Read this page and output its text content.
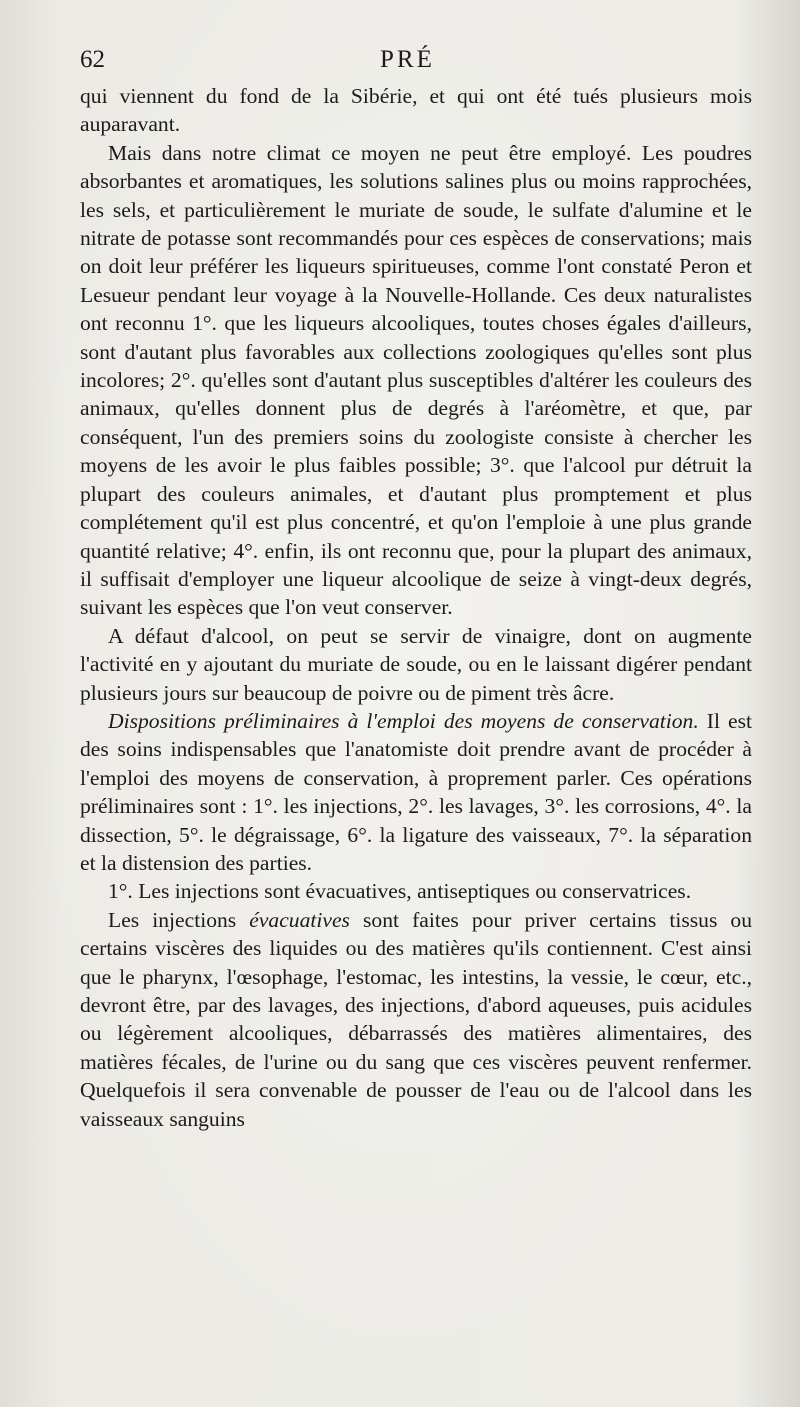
62	PRÉ

qui viennent du fond de la Sibérie, et qui ont été tués plusieurs mois auparavant.

Mais dans notre climat ce moyen ne peut être employé. Les poudres absorbantes et aromatiques, les solutions salines plus ou moins rapprochées, les sels, et particulièrement le muriate de soude, le sulfate d'alumine et le nitrate de potasse sont recommandés pour ces espèces de conservations; mais on doit leur préférer les liqueurs spiritueuses, comme l'ont constaté Peron et Lesueur pendant leur voyage à la Nouvelle-Hollande. Ces deux naturalistes ont reconnu 1°. que les liqueurs alcooliques, toutes choses égales d'ailleurs, sont d'autant plus favorables aux collections zoologiques qu'elles sont plus incolores; 2°. qu'elles sont d'autant plus susceptibles d'altérer les couleurs des animaux, qu'elles donnent plus de degrés à l'aréomètre, et que, par conséquent, l'un des premiers soins du zoologiste consiste à chercher les moyens de les avoir le plus faibles possible; 3°. que l'alcool pur détruit la plupart des couleurs animales, et d'autant plus promptement et plus complétement qu'il est plus concentré, et qu'on l'emploie à une plus grande quantité relative; 4°. enfin, ils ont reconnu que, pour la plupart des animaux, il suffisait d'employer une liqueur alcoolique de seize à vingt-deux degrés, suivant les espèces que l'on veut conserver.

A défaut d'alcool, on peut se servir de vinaigre, dont on augmente l'activité en y ajoutant du muriate de soude, ou en le laissant digérer pendant plusieurs jours sur beaucoup de poivre ou de piment très âcre.

Dispositions préliminaires à l'emploi des moyens de conservation. Il est des soins indispensables que l'anatomiste doit prendre avant de procéder à l'emploi des moyens de conservation, à proprement parler. Ces opérations préliminaires sont : 1°. les injections, 2°. les lavages, 3°. les corrosions, 4°. la dissection, 5°. le dégraissage, 6°. la ligature des vaisseaux, 7°. la séparation et la distension des parties.

1°. Les injections sont évacuatives, antiseptiques ou conservatrices.

Les injections évacuatives sont faites pour priver certains tissus ou certains viscères des liquides ou des matières qu'ils contiennent. C'est ainsi que le pharynx, l'œsophage, l'estomac, les intestins, la vessie, le cœur, etc., devront être, par des lavages, des injections, d'abord aqueuses, puis acidules ou légèrement alcooliques, débarrassés des matières alimentaires, des matières fécales, de l'urine ou du sang que ces viscères peuvent renfermer. Quelquefois il sera convenable de pousser de l'eau ou de l'alcool dans les vaisseaux sanguins
